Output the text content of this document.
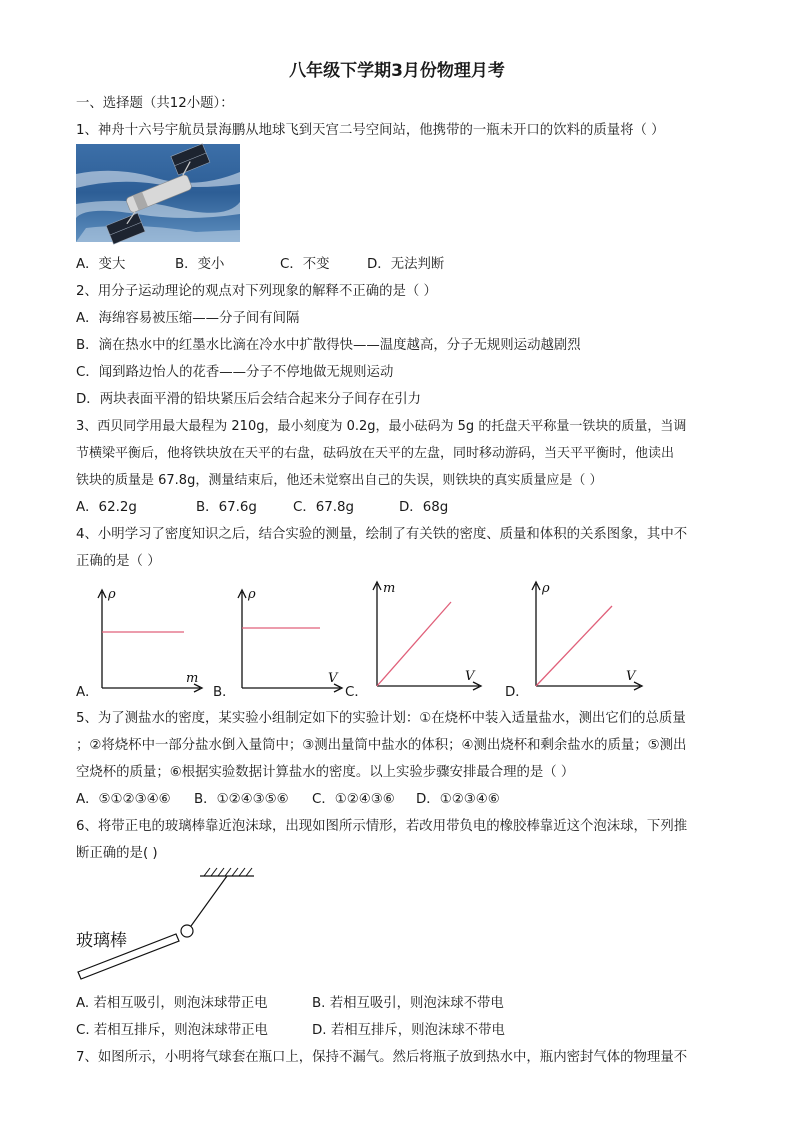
八年级下学期3月份物理月考
一、选择题（共12小题）：
1、神舟十六号宇航员景海鹏从地球飞到天宫二号空间站，他携带的一瓶未开口的饮料的质量将（ ）
A．变大	B．变小	C．不变	D．无法判断
2、用分子运动理论的观点对下列现象的解释不正确的是（ ）
A．海绵容易被压缩——分子间有间隔
B．滴在热水中的红墨水比滴在冷水中扩散得快——温度越高，分子无规则运动越剧烈
C．闻到路边怡人的花香——分子不停地做无规则运动
D．两块表面平滑的铅块紧压后会结合起来分子间存在引力
3、西贝同学用最大最程为 210g，最小刻度为 0.2g，最小砝码为 5g 的托盘天平称量一铁块的质量，当调
节横梁平衡后，他将铁块放在天平的右盘，砝码放在天平的左盘，同时移动游码，当天平平衡时，他读出
铁块的质量是 67.8g，测量结束后，他还未觉察出自己的失误，则铁块的真实质量应是（ ）
A．62.2g	B．67.6g	C．67.8g	D．68g
4、小明学习了密度知识之后，结合实验的测量，绘制了有关铁的密度、质量和体积的关系图象，其中不
正确的是（ ）
A．
ρ
m
B．
ρ
V
C．
m
V
D．
ρ
V
5、为了测盐水的密度，某实验小组制定如下的实验计划：①在烧杯中装入适量盐水，测出它们的总质量
；②将烧杯中一部分盐水倒入量筒中；③测出量筒中盐水的体积；④测出烧杯和剩余盐水的质量；⑤测出
空烧杯的质量；⑥根据实验数据计算盐水的密度。以上实验步骤安排最合理的是（ ）
A．⑤①②③④⑥ B．①②④③⑤⑥ C．①②④③⑥ D．①②③④⑥
6、将带正电的玻璃棒靠近泡沫球，出现如图所示情形，若改用带负电的橡胶棒靠近这个泡沫球，下列推
断正确的是( )
玻璃棒
A. 若相互吸引，则泡沫球带正电	B. 若相互吸引，则泡沫球不带电
C. 若相互排斥，则泡沫球带正电	D. 若相互排斥，则泡沫球不带电
7、如图所示，小明将气球套在瓶口上，保持不漏气。然后将瓶子放到热水中，瓶内密封气体的物理量不
